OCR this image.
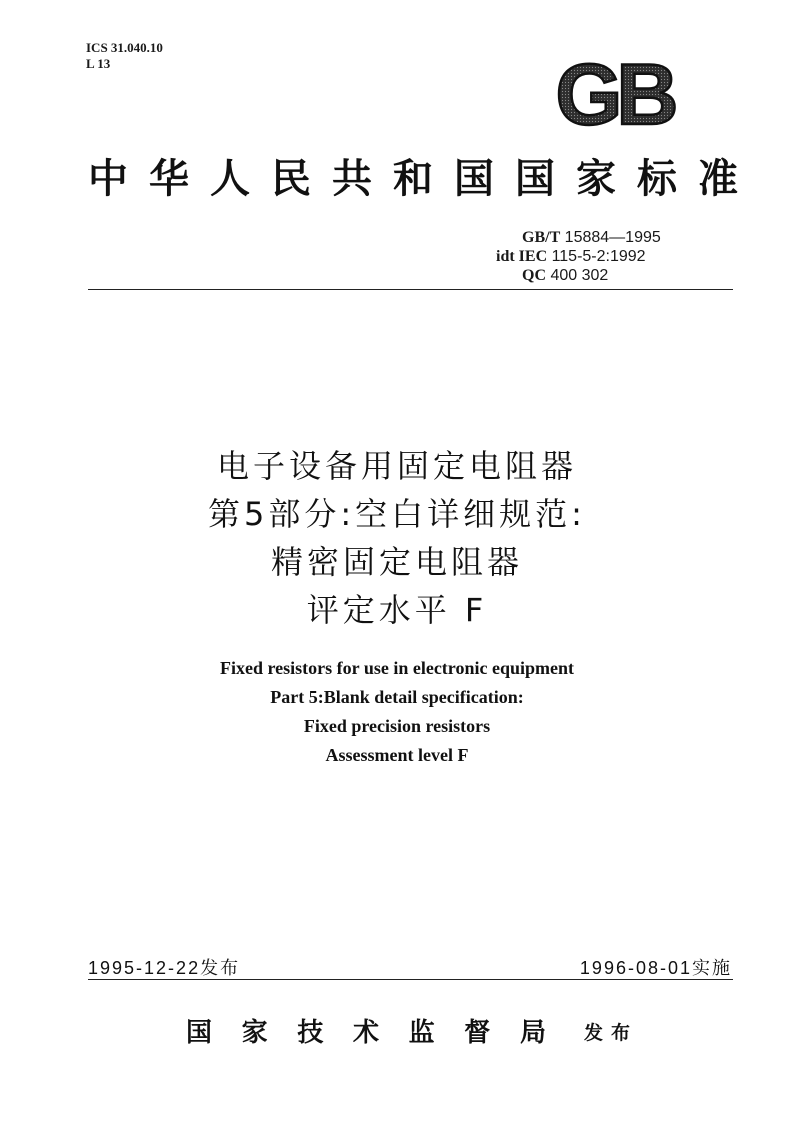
ICS 31.040.10
L 13	GB
中 华 人 民 共 和 国 国 家 标 准
GB/T 15884—1995
idt IEC 115-5-2:1992
QC 400 302
电子设备用固定电阻器
第5部分:空白详细规范:
精密固定电阻器
评定水平 F
Fixed resistors for use in electronic equipment
Part 5:Blank detail specification:
Fixed precision resistors
Assessment level F
1995-12-22发布	1996-08-01实施
国 家 技 术 监 督 局 发布
